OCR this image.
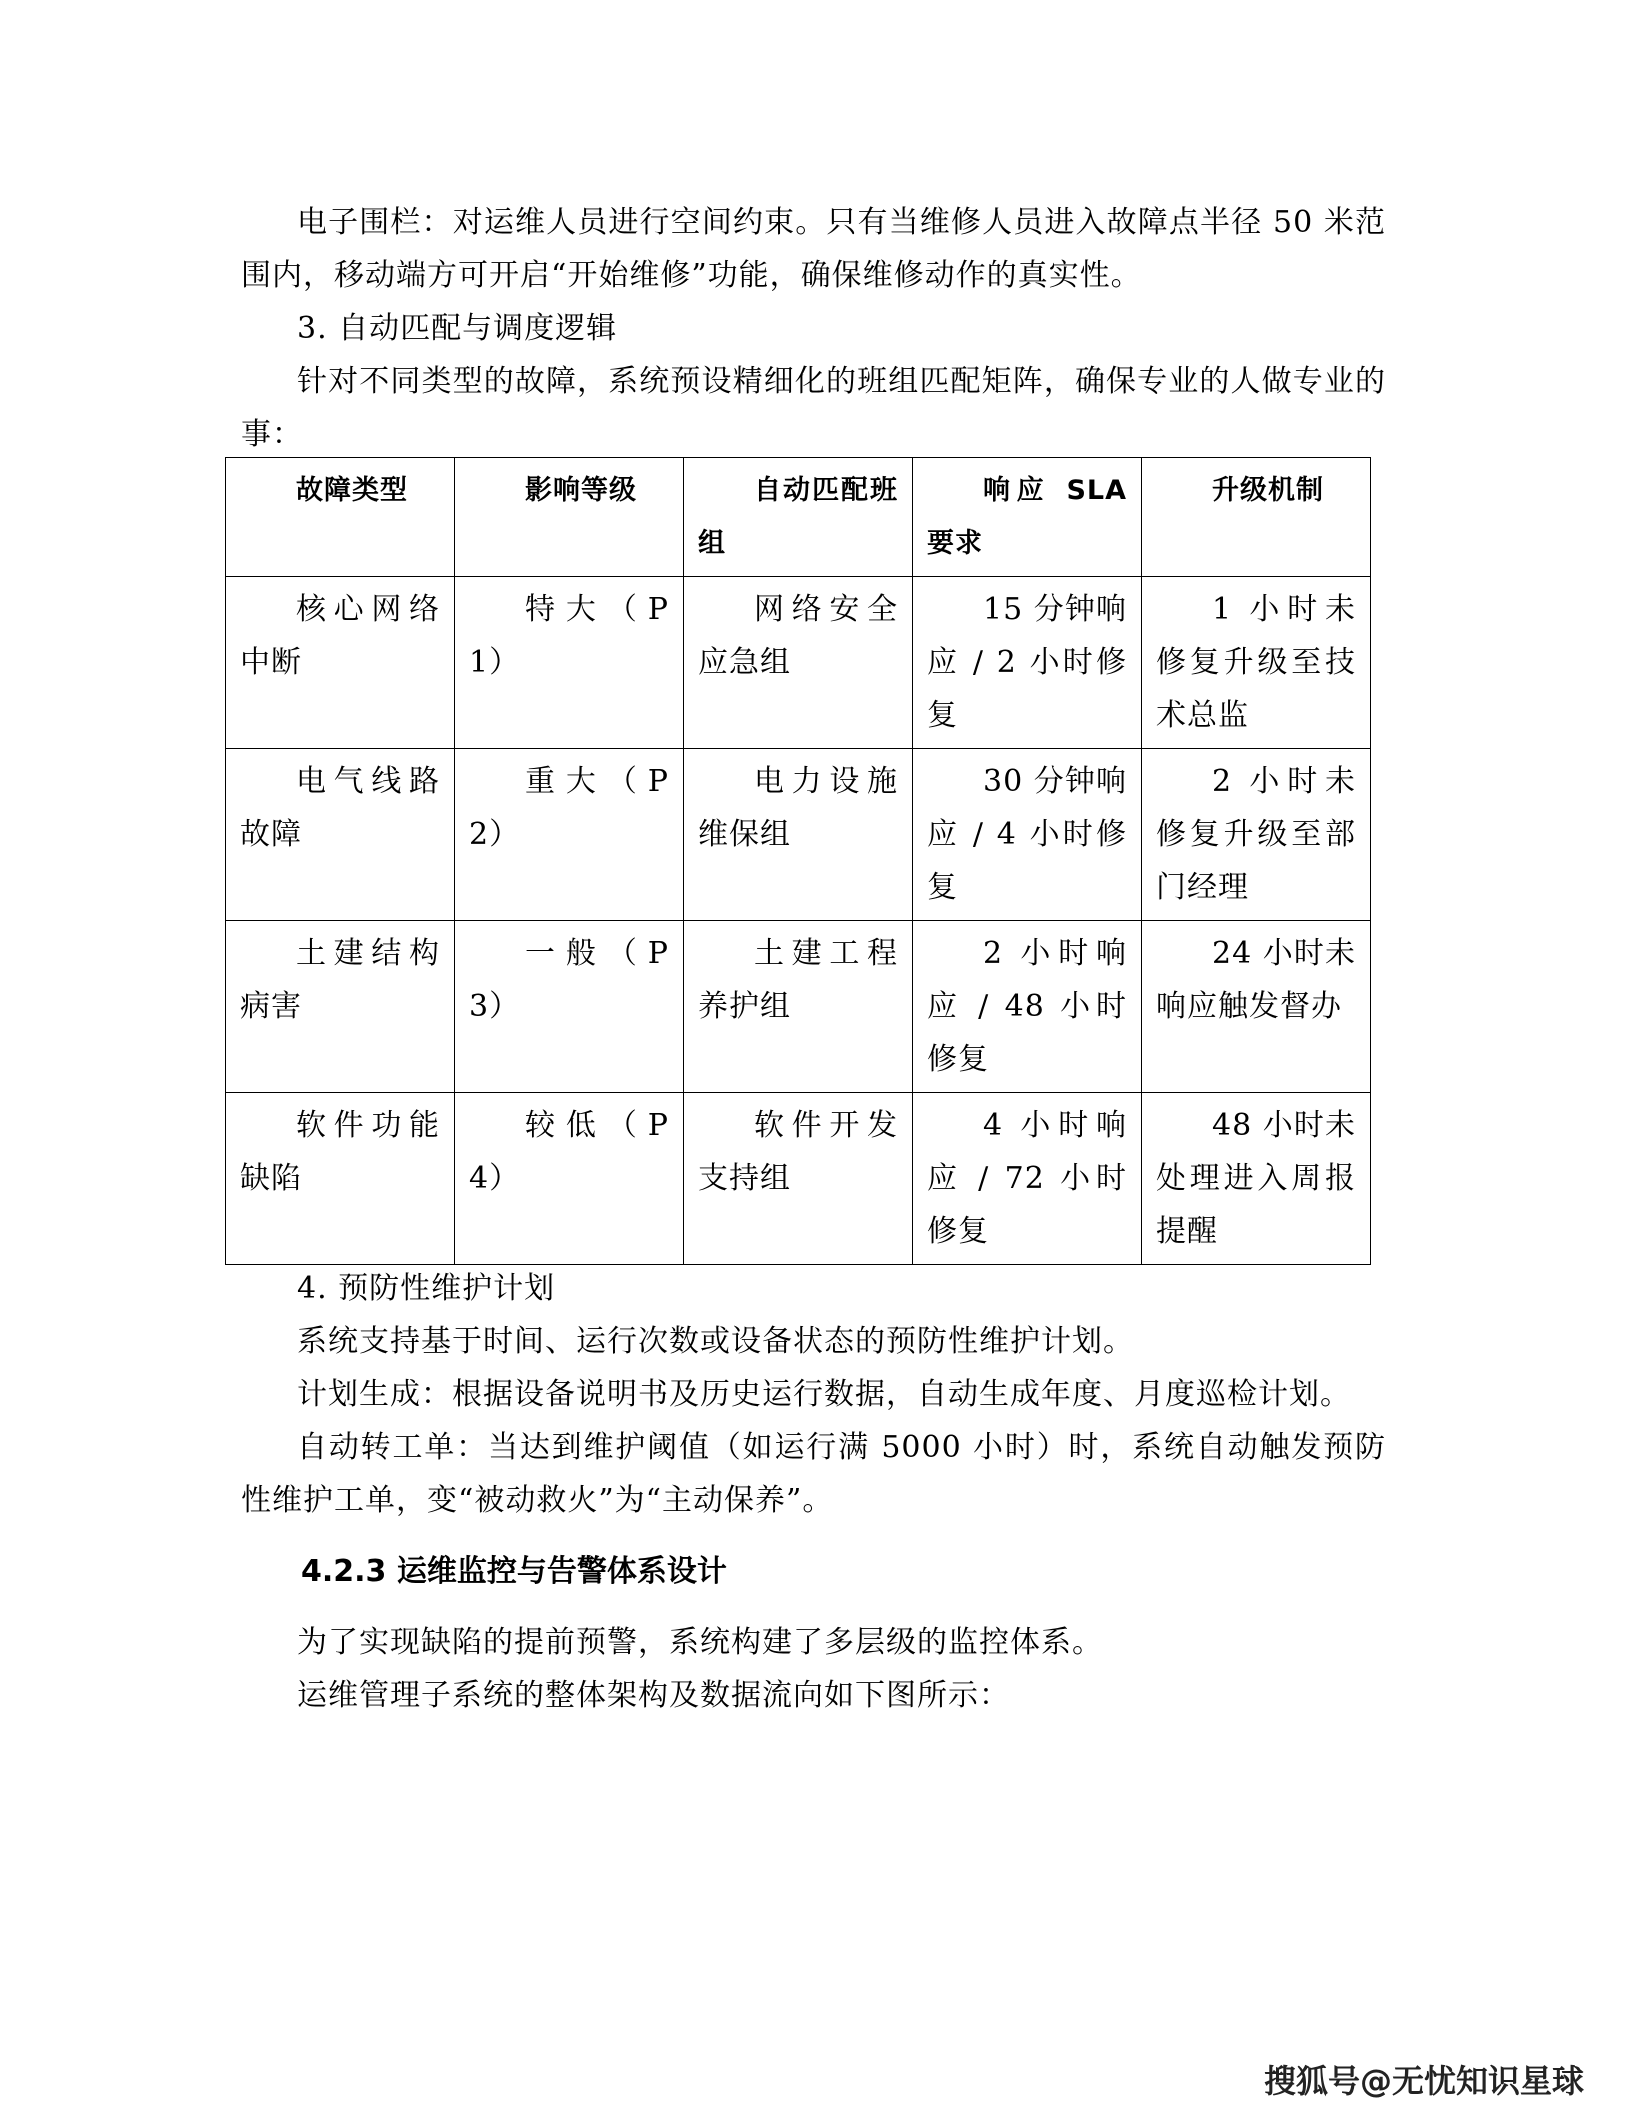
电子围栏：对运维人员进行空间约束。只有当维修人员进入故障点半径 50 米范围内，移动端方可开启“开始维修”功能，确保维修动作的真实性。

3. 自动匹配与调度逻辑

针对不同类型的故障，系统预设精细化的班组匹配矩阵，确保专业的人做专业的事：

故障类型	影响等级	自动匹配班组	响应 SLA 要求	升级机制
核心网络中断	特大（P1）	网络安全应急组	15 分钟响应 / 2 小时修复	1 小时未修复升级至技术总监
电气线路故障	重大（P2）	电力设施维保组	30 分钟响应 / 4 小时修复	2 小时未修复升级至部门经理
土建结构病害	一般（P3）	土建工程养护组	2 小时响应 / 48 小时修复	24 小时未响应触发督办
软件功能缺陷	较低（P4）	软件开发支持组	4 小时响应 / 72 小时修复	48 小时未处理进入周报提醒

4. 预防性维护计划

系统支持基于时间、运行次数或设备状态的预防性维护计划。

计划生成：根据设备说明书及历史运行数据，自动生成年度、月度巡检计划。

自动转工单：当达到维护阈值（如运行满 5000 小时）时，系统自动触发预防性维护工单，变“被动救火”为“主动保养”。

4.2.3 运维监控与告警体系设计

为了实现缺陷的提前预警，系统构建了多层级的监控体系。

运维管理子系统的整体架构及数据流向如下图所示：

搜狐号@无忧知识星球
